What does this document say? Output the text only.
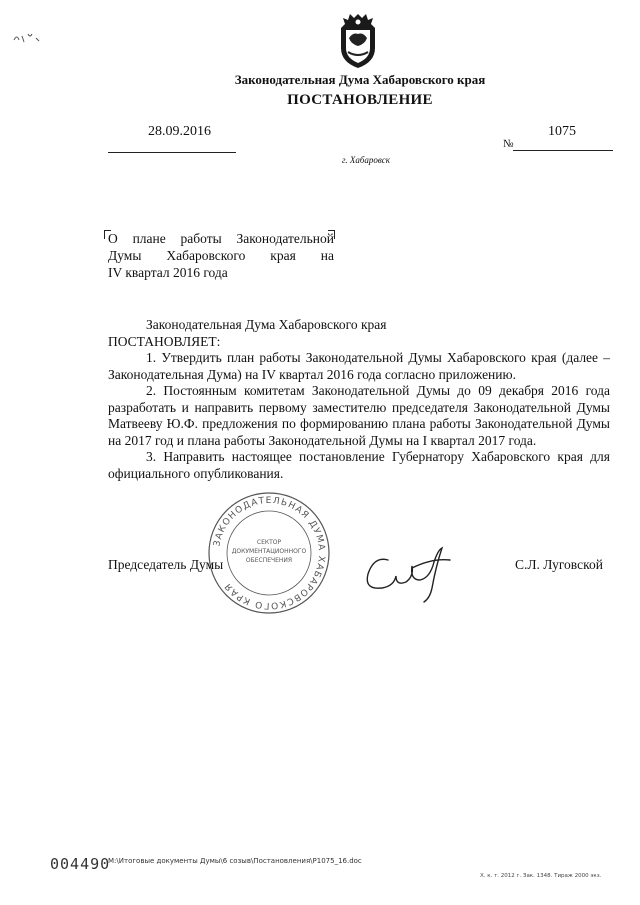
Законодательная Дума Хабаровского края
ПОСТАНОВЛЕНИЕ
28.09.2016
№
1075
г. Хабаровск
О плане работы Законодательной
Думы Хабаровского края на
IV квартал 2016 года

Законодательная Дума Хабаровского края

ПОСТАНОВЛЯЕТ:

1. Утвердить план работы Законодательной Думы Хабаровского края (далее – Законодательная Дума) на IV квартал 2016 года согласно приложению.

2. Постоянным комитетам Законодательной Думы до 09 декабря 2016 года разработать и направить первому заместителю председателя Законодательной Думы Матвееву Ю.Ф. предложения по формированию плана работы Законодательной Думы на 2017 год и плана работы Законодательной Думы на I квартал 2017 года.

3. Направить настоящее постановление Губернатору Хабаровского края для официального опубликования.

ЗАКОНОДАТЕЛЬНАЯ ДУМА ХАБАРОВСКОГО КРАЯ
СЕКТОР
ДОКУМЕНТАЦИОННОГО
ОБЕСПЕЧЕНИЯ
Председатель Думы	С.Л. Луговской
004490
M:\Итоговые документы Думы\6 созыв\Постановления\P1075_16.doc
Х. к. т. 2012 г. Зак. 1348. Тираж 2000 экз.
